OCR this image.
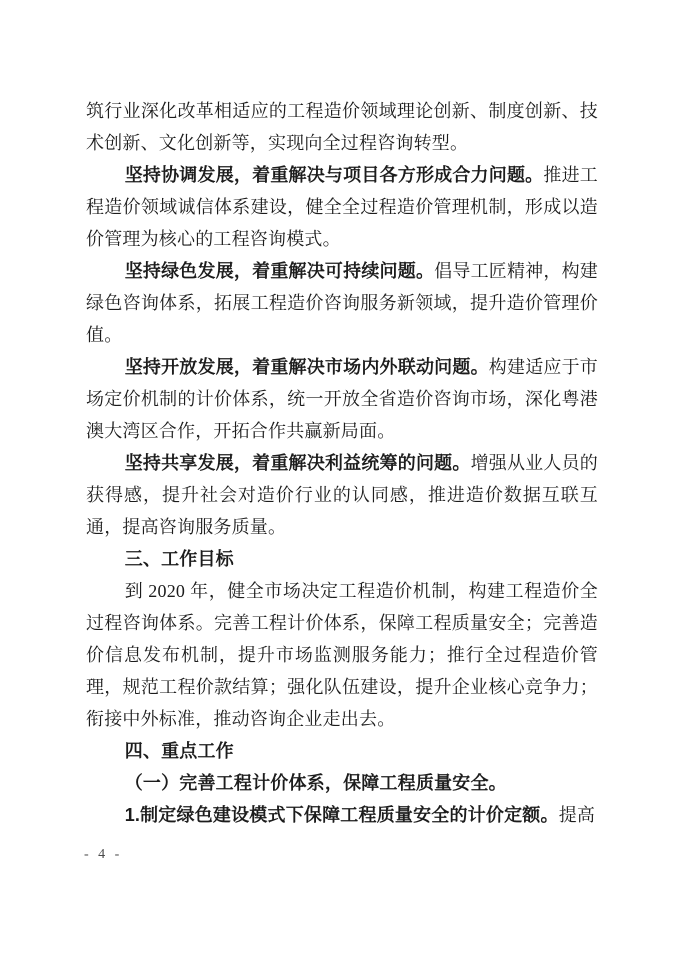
筑行业深化改革相适应的工程造价领域理论创新、制度创新、技术创新、文化创新等，实现向全过程咨询转型。

坚持协调发展，着重解决与项目各方形成合力问题。推进工程造价领域诚信体系建设，健全全过程造价管理机制，形成以造价管理为核心的工程咨询模式。

坚持绿色发展，着重解决可持续问题。倡导工匠精神，构建绿色咨询体系，拓展工程造价咨询服务新领域，提升造价管理价值。

坚持开放发展，着重解决市场内外联动问题。构建适应于市场定价机制的计价体系，统一开放全省造价咨询市场，深化粤港澳大湾区合作，开拓合作共赢新局面。

坚持共享发展，着重解决利益统筹的问题。增强从业人员的获得感，提升社会对造价行业的认同感，推进造价数据互联互通，提高咨询服务质量。

三、工作目标

到 2020 年，健全市场决定工程造价机制，构建工程造价全过程咨询体系。完善工程计价体系，保障工程质量安全；完善造价信息发布机制，提升市场监测服务能力；推行全过程造价管理，规范工程价款结算；强化队伍建设，提升企业核心竞争力；衔接中外标准，推动咨询企业走出去。

四、重点工作

（一）完善工程计价体系，保障工程质量安全。

1.制定绿色建设模式下保障工程质量安全的计价定额。提高

- 4 -
